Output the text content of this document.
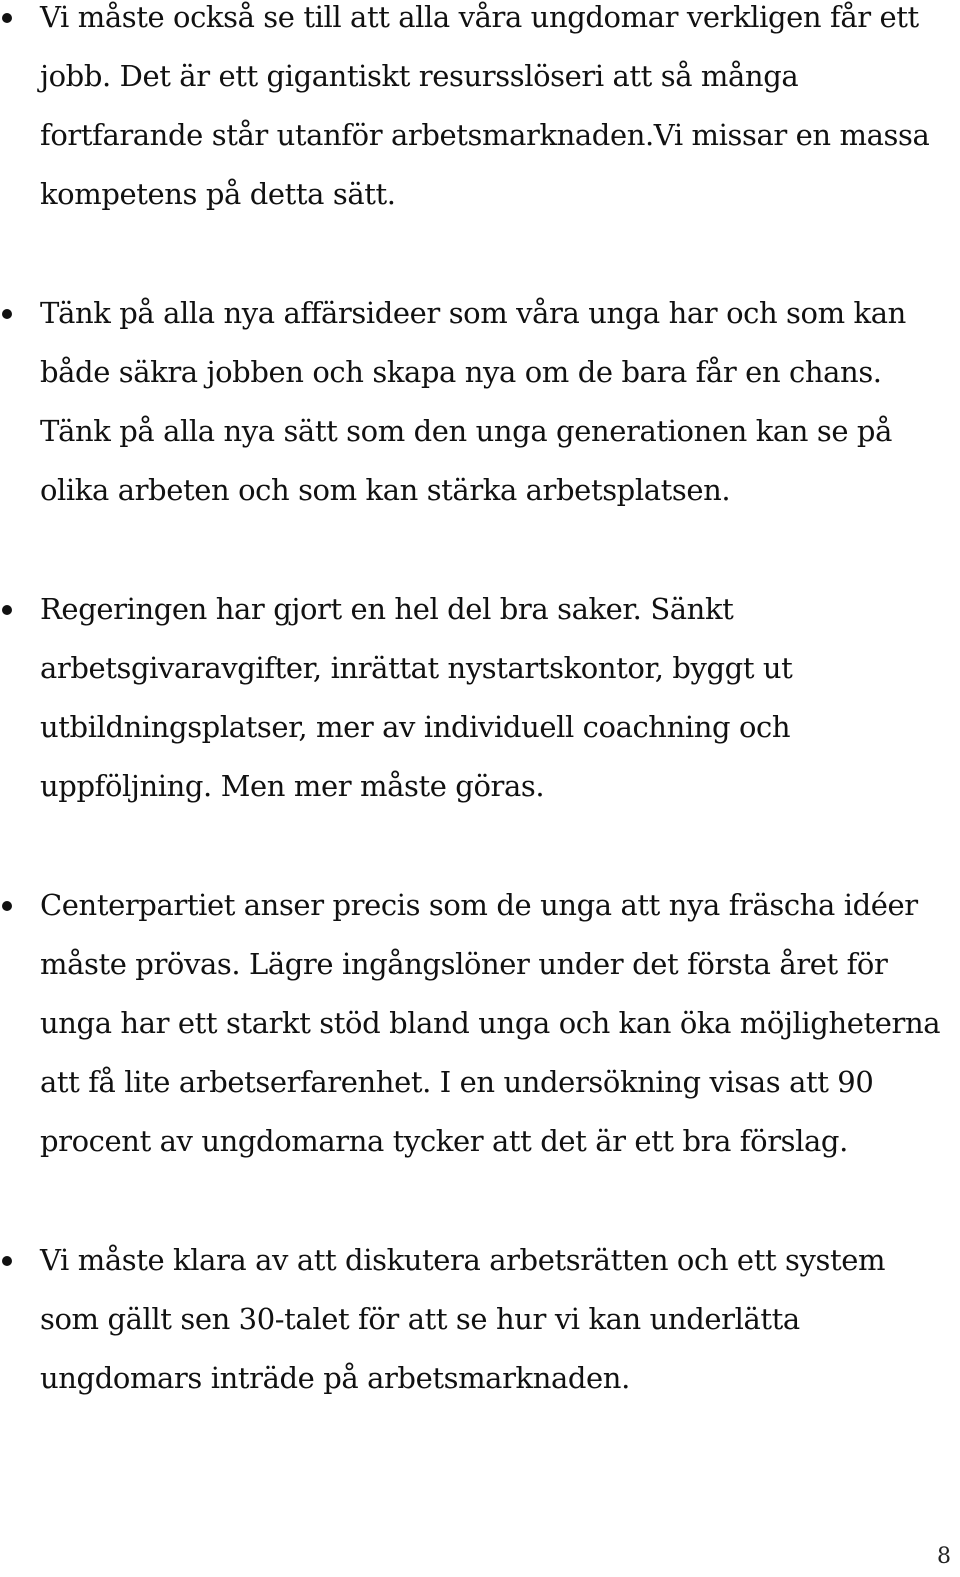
Vi måste också se till att alla våra ungdomar verkligen får ett jobb. Det är ett gigantiskt resursslöseri att så många fortfarande står utanför arbetsmarknaden.Vi missar en massa kompetens på detta sätt.
Tänk på alla nya affärsideer som våra unga har och som kan både säkra jobben och skapa nya om de bara får en chans. Tänk på alla nya sätt som den unga generationen kan se på olika arbeten och som kan stärka arbetsplatsen.
Regeringen har gjort en hel del bra saker. Sänkt arbetsgivaravgifter, inrättat nystartskontor, byggt ut utbildningsplatser, mer av individuell coachning och uppföljning. Men mer måste göras.
Centerpartiet anser precis som de unga att nya fräscha idéer måste prövas. Lägre ingångslöner under det första året för unga har ett starkt stöd bland unga och kan öka möjligheterna att få lite arbetserfarenhet. I en undersökning visas att 90 procent av ungdomarna tycker att det är ett bra förslag.
Vi måste klara av att diskutera arbetsrätten och ett system som gällt sen 30-talet för att se hur vi kan underlätta ungdomars inträde på arbetsmarknaden.
8
